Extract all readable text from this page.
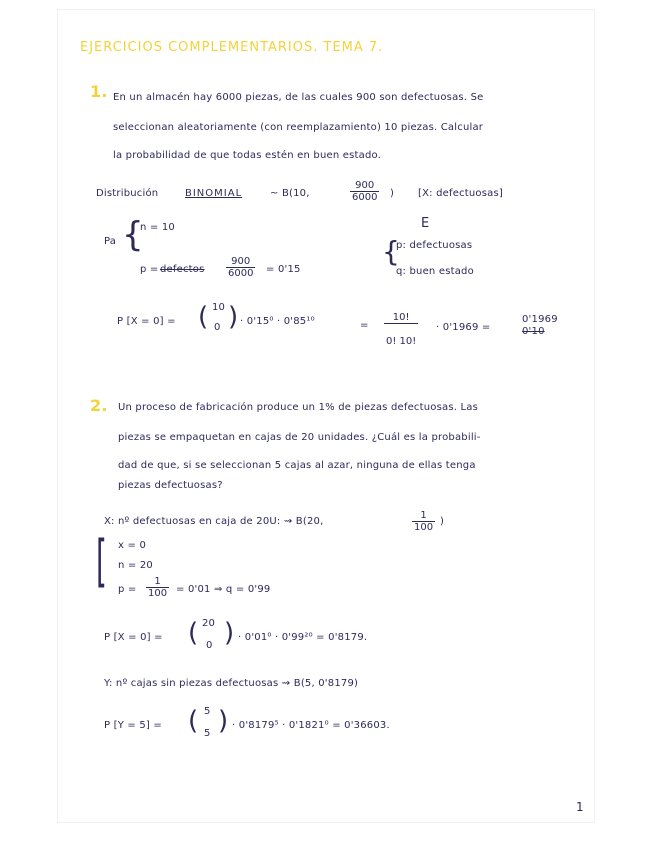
EJERCICIOS COMPLEMENTARIOS. TEMA 7.
1. En un almacén hay 6000 piezas, de las cuales 900 son defectuosas. Se
seleccionan aleatoriamente (con reemplazamiento) 10 piezas. Calcular
la probabilidad de que todas estén en buen estado.
Distribución	BINOMIAL	~ B(10,	$\frac{900}{6000}$ ) [X: defectuosas]
E
Pa {
n = 10
p = defectos $\frac{900}{6000} = 0'15$
{
p: defectuosas
q: buen estado
P [X = 0] = ( 10
0 ) · 0'15⁰ · 0'85¹⁰	= $\frac{10!}{0! 10!} \cdot 0'1969$ =
0'1969
0'10
2. Un proceso de fabricación produce un 1% de piezas defectuosas. Las
piezas se empaquetan en cajas de 20 unidades. ¿Cuál es la probabili-
dad de que, si se seleccionan 5 cajas al azar, ninguna de ellas tenga
piezas defectuosas?
X: nº defectuosas en caja de 20U: ⇝ B(20,	$\frac{1}{100}$ )
[ x = 0
n = 20
$p = \frac{1}{100} = 0'01$ ⇒ q = 0'99
P [X = 0] = ( 20
0 ) · 0'01⁰ · 0'99²⁰ = 0'8179.
Y: nº cajas sin piezas defectuosas ⇝ B(5, 0'8179)
P [Y = 5] = ( 5
5 ) · 0'8179⁵ · 0'1821⁰ = 0'36603.
1
